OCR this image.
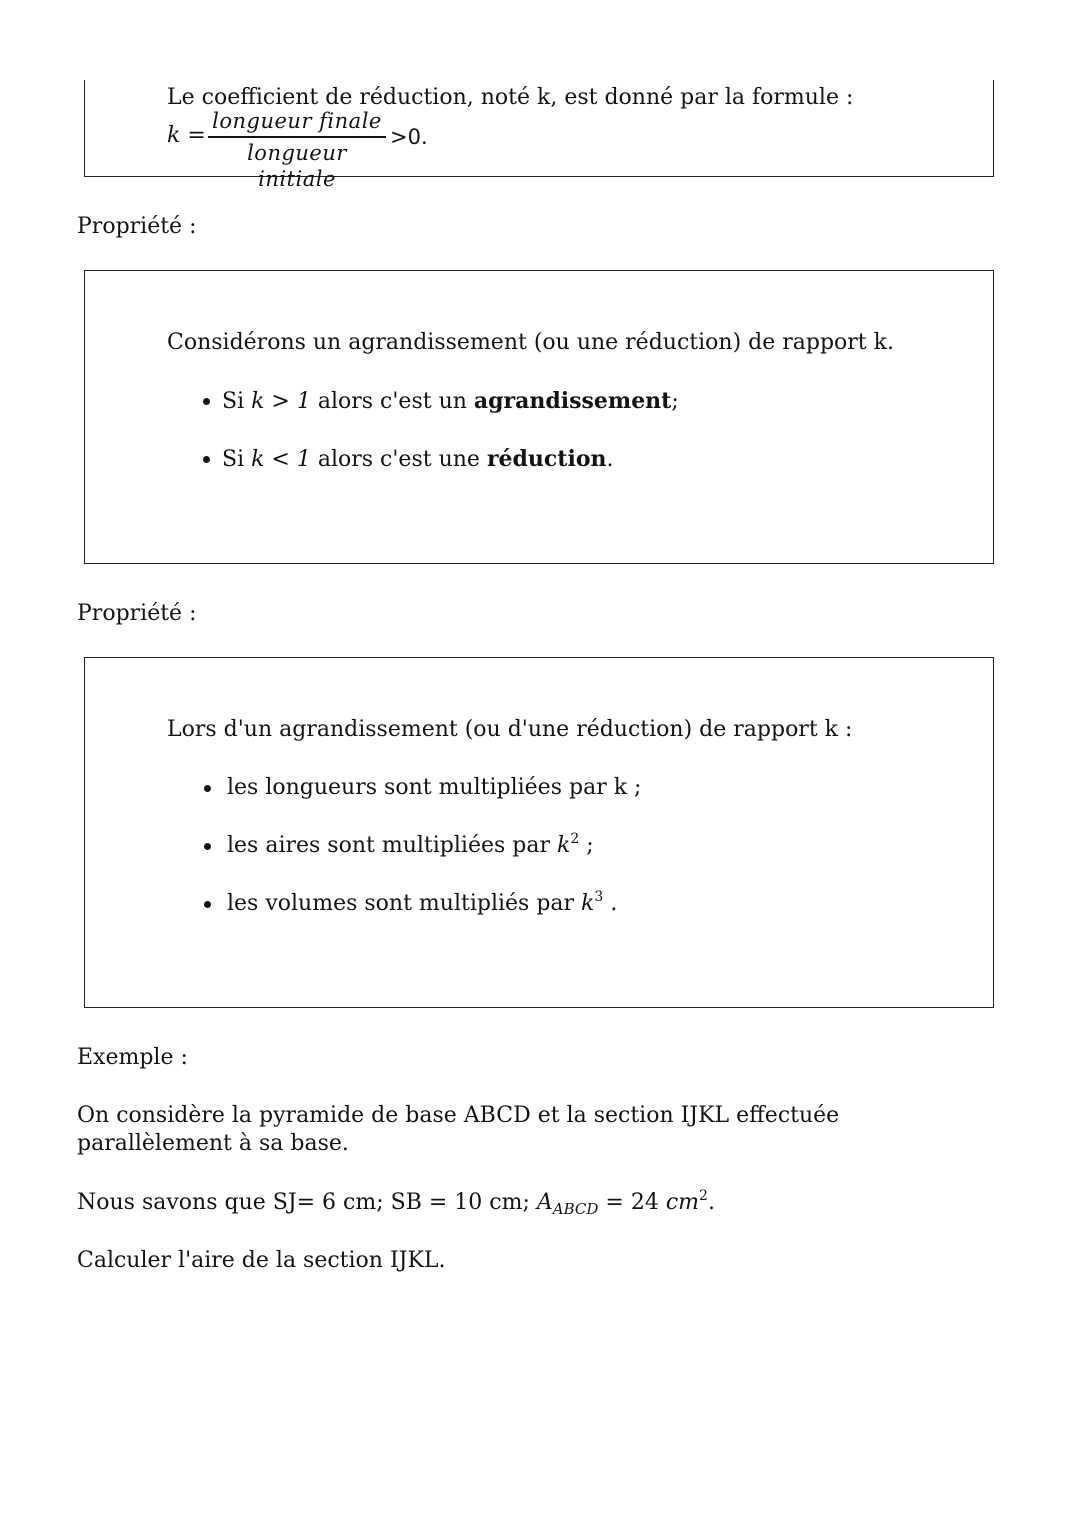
Le coefficient de réduction, noté k, est donné par la formule :
k =
longueur finale
longueur initiale
>0.
Propriété :
Considérons un agrandissement (ou une réduction) de rapport k.
Si k > 1 alors c'est un agrandissement;
Si k < 1 alors c'est une réduction.
Propriété :
Lors d'un agrandissement (ou d'une réduction) de rapport k :
les longueurs sont multipliées par k ;
les aires sont multipliées par $k^2$ ;
les volumes sont multipliés par $k^3$ .
Exemple :
On considère la pyramide de base ABCD et la section IJKL effectuée parallèlement à sa base.
Nous savons que SJ= 6 cm; SB = 10 cm; $A_{ABCD} = 24$ $cm^2$.
Calculer l'aire de la section IJKL.
